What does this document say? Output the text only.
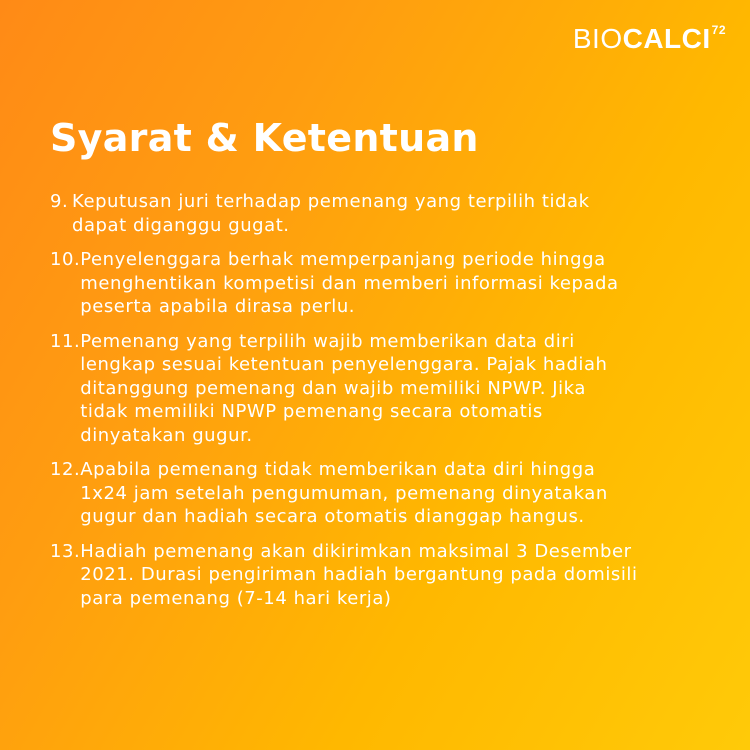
BIOCALCI$^{72}$
Syarat & Ketentuan
9. Keputusan juri terhadap pemenang yang terpilih tidak
dapat diganggu gugat.
10. Penyelenggara berhak memperpanjang periode hingga
menghentikan kompetisi dan memberi informasi kepada
peserta apabila dirasa perlu.
11. Pemenang yang terpilih wajib memberikan data diri
lengkap sesuai ketentuan penyelenggara. Pajak hadiah
ditanggung pemenang dan wajib memiliki NPWP. Jika
tidak memiliki NPWP pemenang secara otomatis
dinyatakan gugur.
12. Apabila pemenang tidak memberikan data diri hingga
1x24 jam setelah pengumuman, pemenang dinyatakan
gugur dan hadiah secara otomatis dianggap hangus.
13. Hadiah pemenang akan dikirimkan maksimal 3 Desember
2021. Durasi pengiriman hadiah bergantung pada domisili
para pemenang (7-14 hari kerja)
